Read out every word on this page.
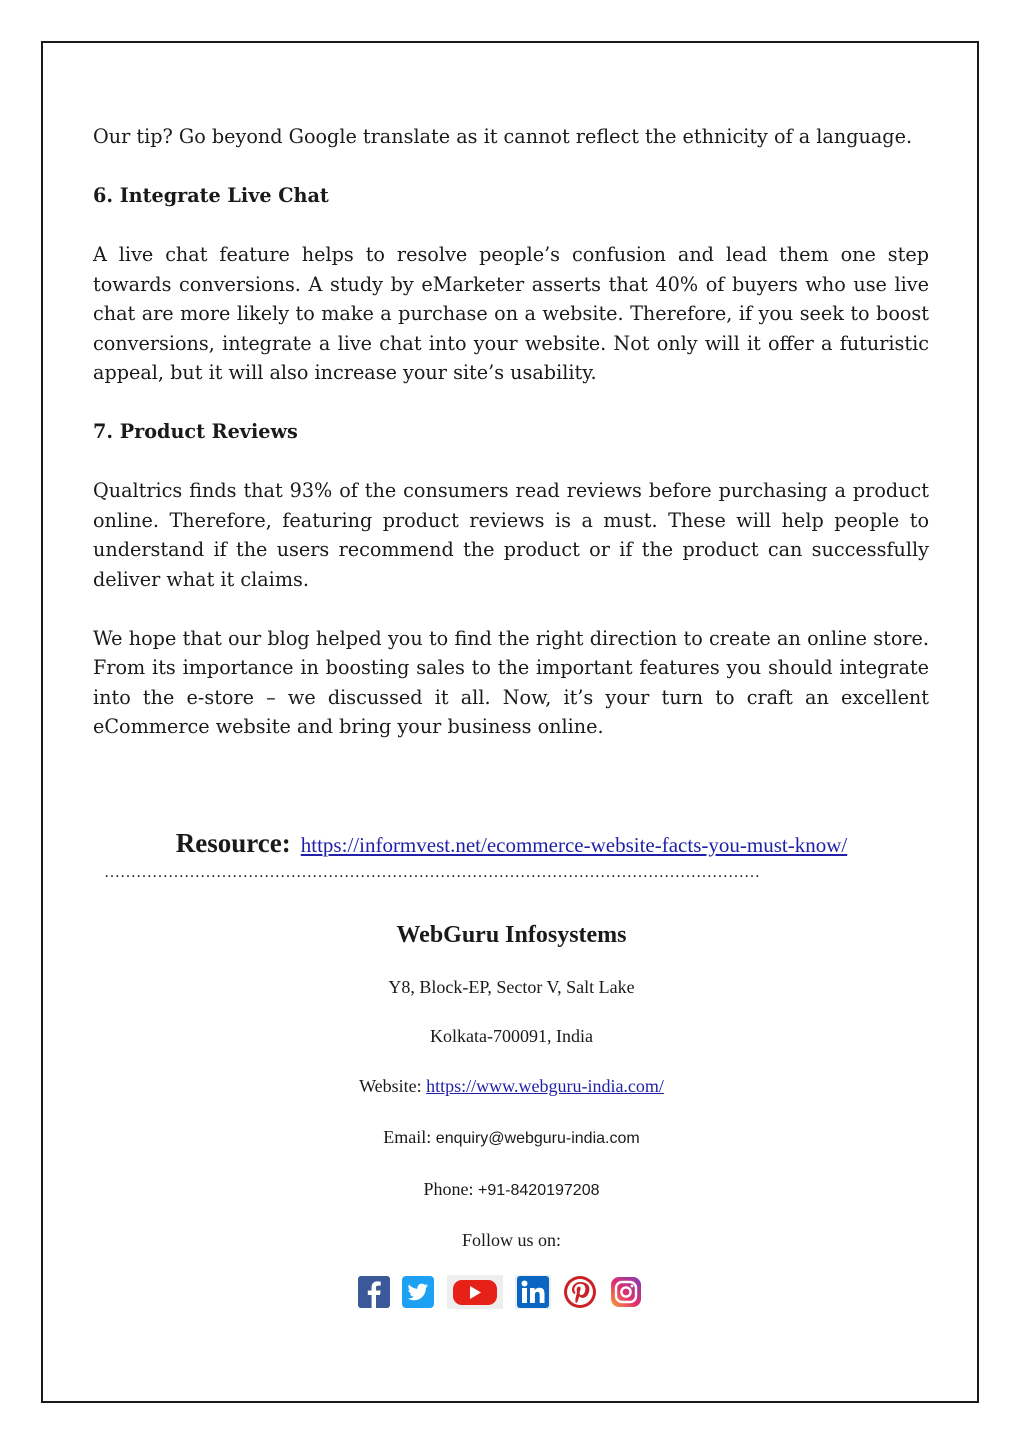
Our tip? Go beyond Google translate as it cannot reflect the ethnicity of a language.

6. Integrate Live Chat

A live chat feature helps to resolve people’s confusion and lead them one step towards conversions. A study by eMarketer asserts that 40% of buyers who use live chat are more likely to make a purchase on a website. Therefore, if you seek to boost conversions, integrate a live chat into your website. Not only will it offer a futuristic appeal, but it will also increase your site’s usability.

7. Product Reviews

Qualtrics finds that 93% of the consumers read reviews before purchasing a product online. Therefore, featuring product reviews is a must. These will help people to understand if the users recommend the product or if the product can successfully deliver what it claims.

We hope that our blog helped you to find the right direction to create an online store. From its importance in boosting sales to the important features you should integrate into the e-store – we discussed it all. Now, it’s your turn to craft an excellent eCommerce website and bring your business online.

Resource: https://informvest.net/ecommerce-website-facts-you-must-know/
……………………………………………………………………………………………………………
WebGuru Infosystems
Y8, Block-EP, Sector V, Salt Lake
Kolkata-700091, India
Website: https://www.webguru-india.com/
Email: enquiry@webguru-india.com
Phone: +91-8420197208
Follow us on:
